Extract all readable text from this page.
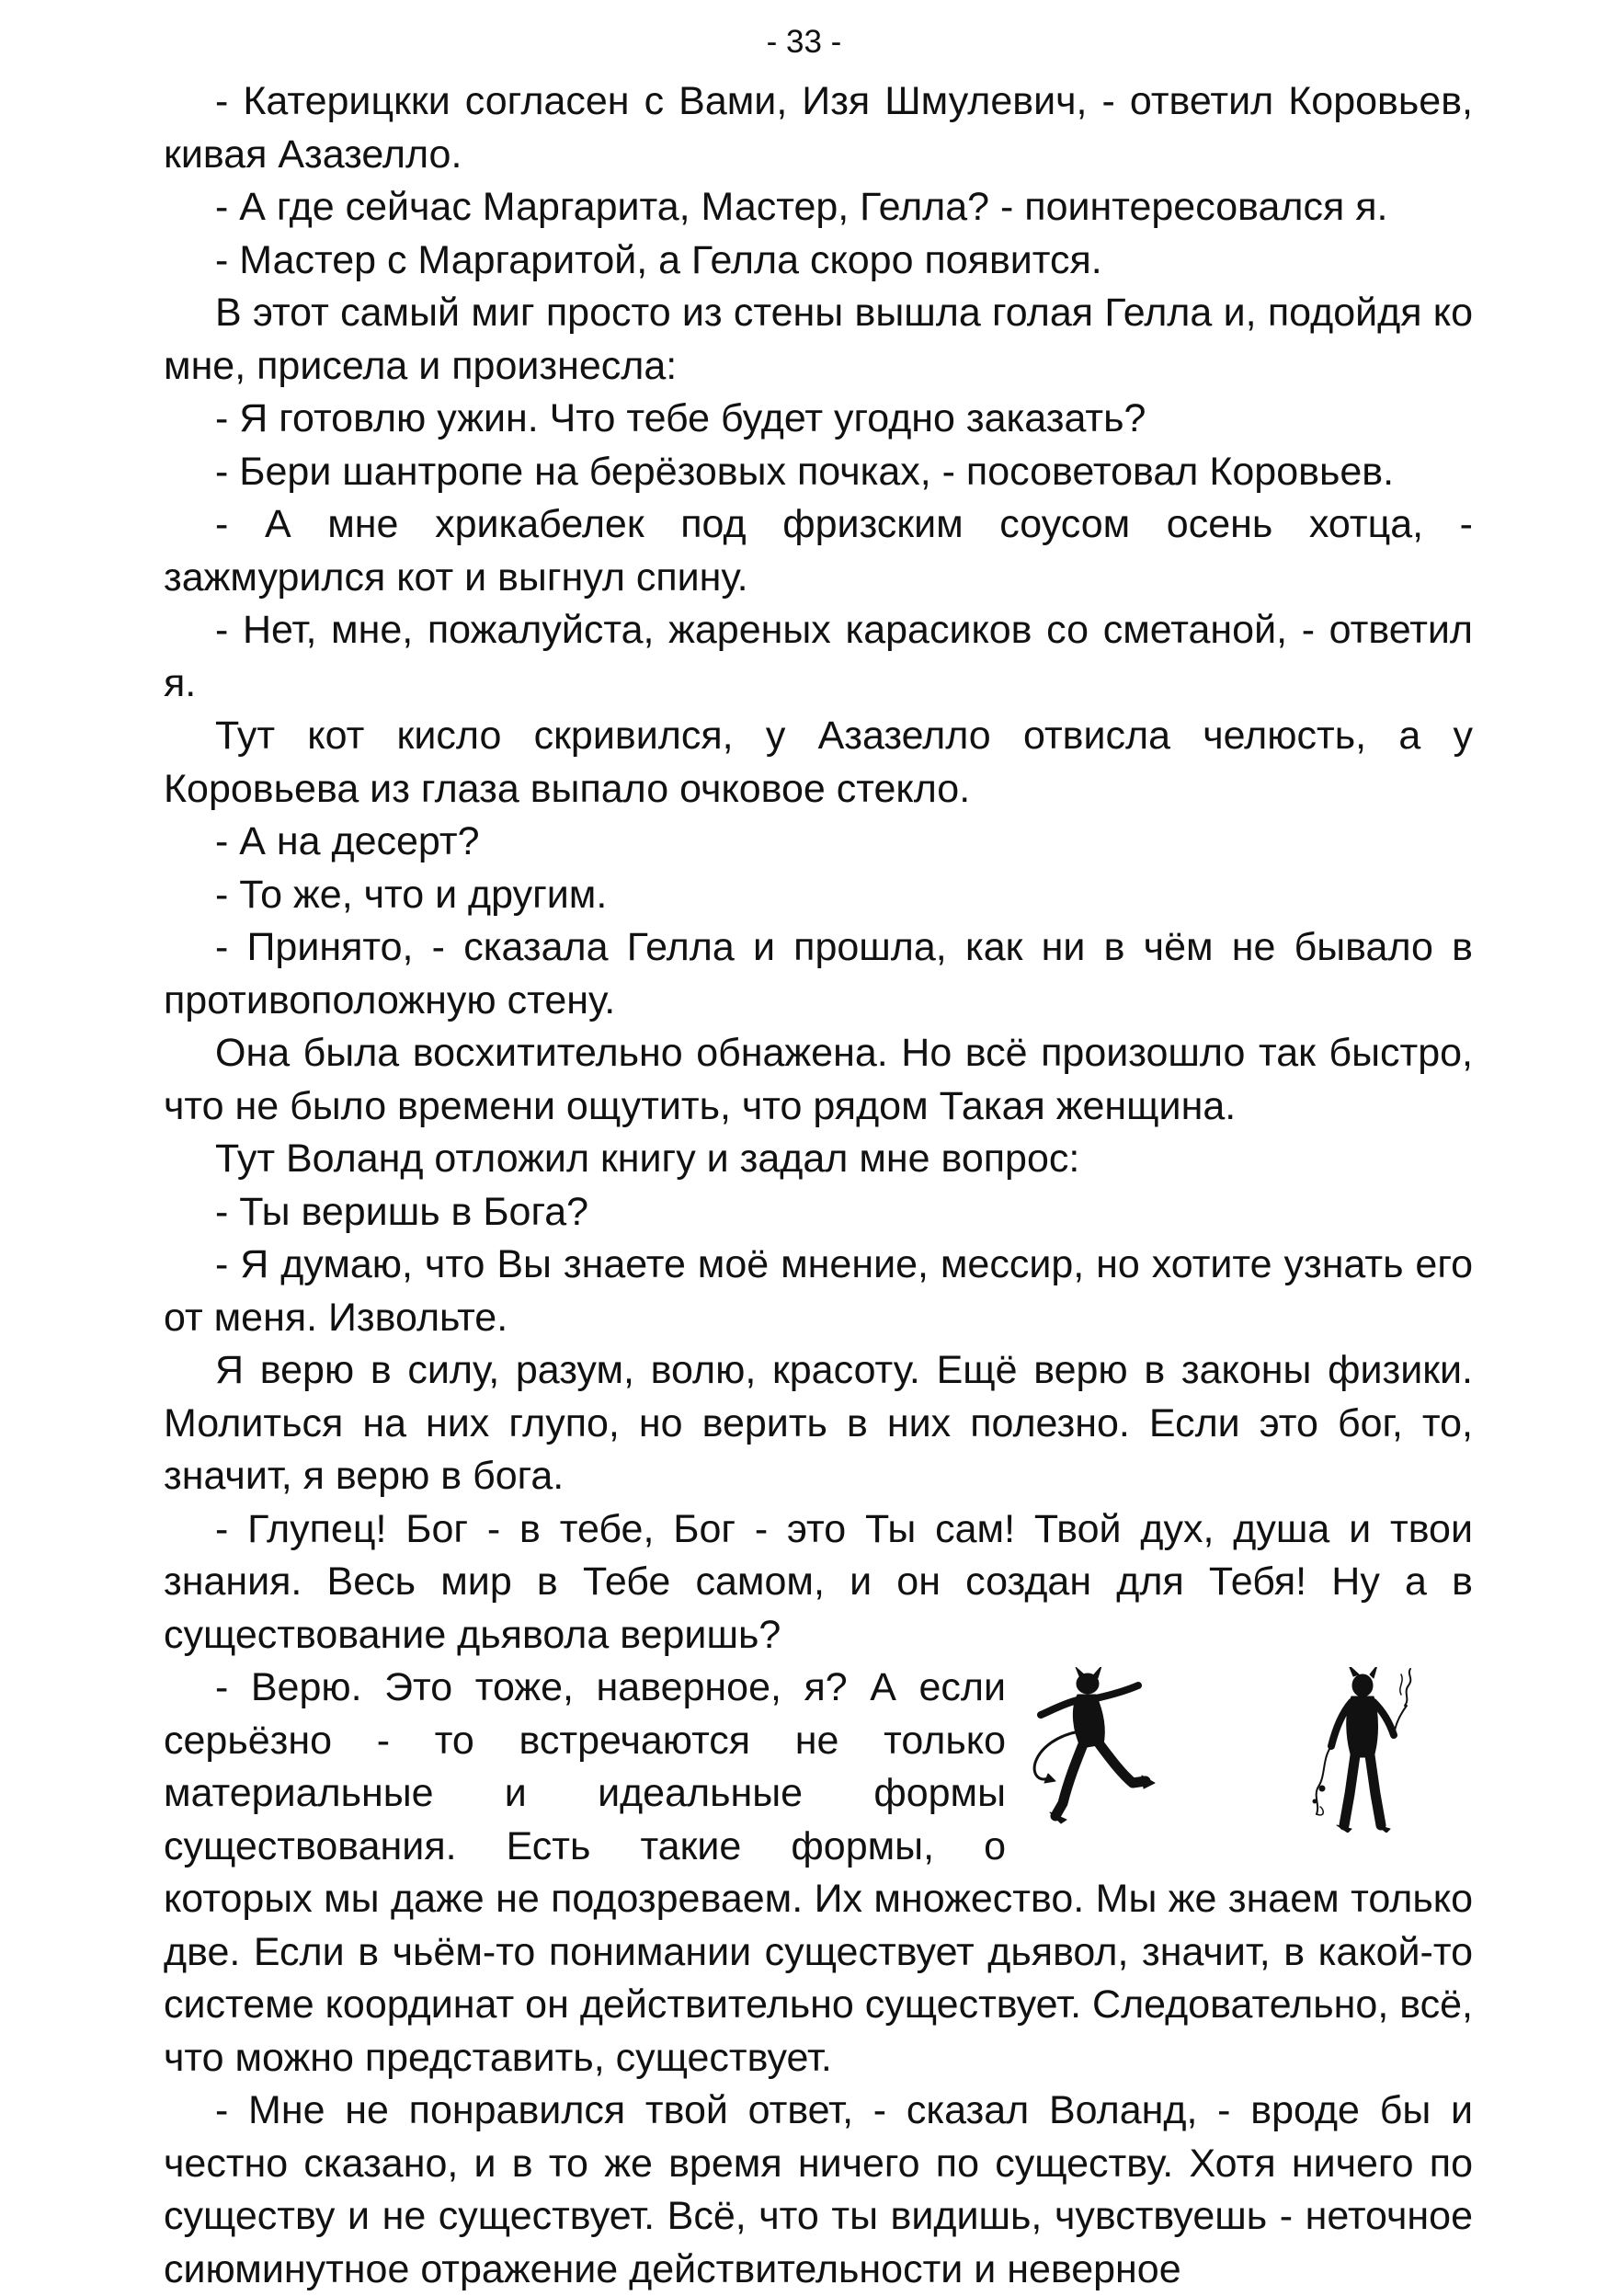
- 33 -

- Катерицкки согласен с Вами, Изя Шмулевич, - ответил Коровьев, кивая Азазелло.

- А где сейчас Маргарита, Мастер, Гелла? - поинтересовался я.

- Мастер с Маргаритой, а Гелла скоро появится.

В этот самый миг просто из стены вышла голая Гелла и, подойдя ко мне, присела и произнесла:

- Я готовлю ужин. Что тебе будет угодно заказать?

- Бери шантропе на берёзовых почках, - посоветовал Коровьев.

- А мне хрикабелек под фризским соусом осень хотца, - зажмурился кот и выгнул спину.

- Нет, мне, пожалуйста, жареных карасиков со сметаной, - ответил я.

Тут кот кисло скривился, у Азазелло отвисла челюсть, а у Коровьева из глаза выпало очковое стекло.

- А на десерт?

- То же, что и другим.

- Принято, - сказала Гелла и прошла, как ни в чём не бывало в противоположную стену.

Она была восхитительно обнажена. Но всё произошло так быстро, что не было времени ощутить, что рядом Такая женщина.

Тут Воланд отложил книгу и задал мне вопрос:

- Ты веришь в Бога?

- Я думаю, что Вы знаете моё мнение, мессир, но хотите узнать его от меня. Извольте.

Я верю в силу, разум, волю, красоту. Ещё верю в законы физики. Молиться на них глупо, но верить в них полезно. Если это бог, то, значит, я верю в бога.

- Глупец! Бог - в тебе, Бог - это Ты сам! Твой дух, душа и твои знания. Весь мир в Тебе самом, и он создан для Тебя! Ну а в существование дьявола веришь?

- Верю. Это тоже, наверное, я? А если серьёзно - то встречаются не только материальные и идеальные формы существования. Есть такие формы, о которых мы даже не подозреваем. Их множество. Мы же знаем только две. Если в чьём-то понимании существует дьявол, значит, в какой-то системе координат он действительно существует. Следовательно, всё, что можно представить, существует.

- Мне не понравился твой ответ, - сказал Воланд, - вроде бы и честно сказано, и в то же время ничего по существу. Хотя ничего по существу и не существует. Всё, что ты видишь, чувствуешь - неточное сиюминутное отражение действительности и неверное
